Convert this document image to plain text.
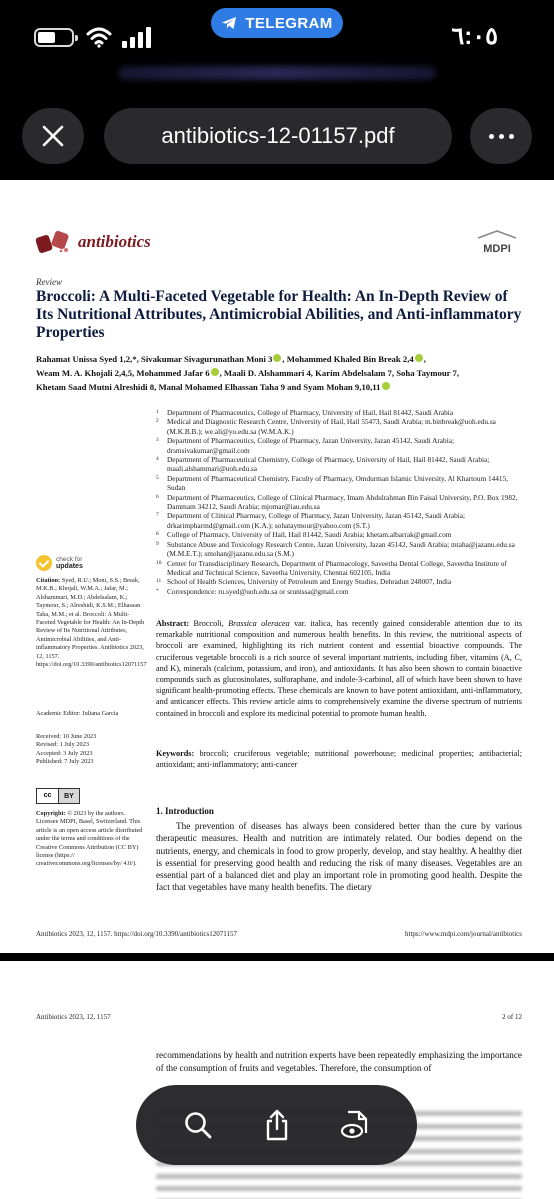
TELEGRAM	٦:٠٥
antibiotics-12-01157.pdf
antibiotics	MDPI
Review
Broccoli: A Multi-Faceted Vegetable for Health: An In-Depth Review of Its Nutritional Attributes, Antimicrobial Abilities, and Anti-inflammatory Properties
Rahamat Unissa Syed 1,2,*, Sivakumar Sivagurunathan Moni 3 , Mohammed Khaled Bin Break 2,4 ,
Weam M. A. Khojali 2,4,5, Mohammed Jafar 6 , Maali D. Alshammari 4, Karim Abdelsalam 7, Soha Taymour 7,
Khetam Saad Mutni Alreshidi 8, Manal Mohamed Elhassan Taha 9 and Syam Mohan 9,10,11
1	Department of Pharmaceutics, College of Pharmacy, University of Hail, Hail 81442, Saudi Arabia
2	Medical and Diagnostic Research Centre, University of Hail, Hail 55473, Saudi Arabia; m.binbreak@uoh.edu.sa (M.K.B.B.); we.ali@yo.edu.sa (W.M.A.K.)
3	Department of Pharmaceutics, College of Pharmacy, Jazan University, Jazan 45142, Saudi Arabia; drsmsivakumar@gmail.com
4	Department of Pharmaceutical Chemistry, College of Pharmacy, University of Hail, Hail 81442, Saudi Arabia; maali.alshammari@uoh.edu.sa
5	Department of Pharmaceutical Chemistry, Faculty of Pharmacy, Omdurman Islamic University, Al Khartoum 14415, Sudan
6	Department of Pharmaceutics, College of Clinical Pharmacy, Imam Abdulrahman Bin Faisal University, P.O. Box 1982, Dammam 34212, Saudi Arabia; mjomar@iau.edu.sa
7	Department of Clinical Pharmacy, College of Pharmacy, Jazan University, Jazan 45142, Saudi Arabia; drkarimpharmd@gmail.com (K.A.); sohataymour@yahoo.com (S.T.)
8	College of Pharmacy, University of Hail, Hail 81442, Saudi Arabia; khetam.albarrak@gmail.com
9	Substance Abuse and Toxicology Research Centre, Jazan University, Jazan 45142, Saudi Arabia; mtaha@jazanu.edu.sa (M.M.E.T.); smohan@jazanu.edu.sa (S.M.)
10 Center for Transdisciplinary Research, Department of Pharmacology, Saveetha Dental College, Saveetha Institute of Medical and Technical Science, Saveetha University, Chennai 602105, India
11 School of Health Sciences, University of Petroleum and Energy Studies, Dehradun 248007, India
*	Correspondence: ru.syed@uoh.edu.sa or srunissa@gmail.com
check for
updates
Citation: Syed, R.U.; Moni, S.S.; Break, M.K.B.; Khojali, W.M.A.; Jafar, M.; Alshammari, M.D.; Abdelsalam, K.; Taymour, S.; Alreshidi, K.S.M.; Elhassan Taha, M.M.; et al. Broccoli: A Multi-Faceted Vegetable for Health: An In-Depth Review of Its Nutritional Attributes, Antimicrobial Abilities, and Anti-inflammatory Properties. Antibiotics 2023, 12, 1157. https://doi.org/10.3390/antibiotics12071157
Academic Editor: Juliana Garcia
Received: 10 June 2023
Revised: 1 July 2023
Accepted: 3 July 2023
Published: 7 July 2023
cc	BY
Copyright: © 2023 by the authors. Licensee MDPI, Basel, Switzerland. This article is an open access article distributed under the terms and conditions of the Creative Commons Attribution (CC BY) license (https:// creativecommons.org/licenses/by/ 4.0/).
Abstract: Broccoli, Brassica oleracea var. italica, has recently gained considerable attention due to its remarkable nutritional composition and numerous health benefits. In this review, the nutritional aspects of broccoli are examined, highlighting its rich nutrient content and essential bioactive compounds. The cruciferous vegetable broccoli is a rich source of several important nutrients, including fiber, vitamins (A, C, and K), minerals (calcium, potassium, and iron), and antioxidants. It has also been shown to contain bioactive compounds such as glucosinolates, sulforaphane, and indole-3-carbinol, all of which have been shown to have significant health-promoting effects. These chemicals are known to have potent antioxidant, anti-inflammatory, and anticancer effects. This review article aims to comprehensively examine the diverse spectrum of nutrients contained in broccoli and explore its medicinal potential to promote human health.
Keywords: broccoli; cruciferous vegetable; nutritional powerhouse; medicinal properties; antibacterial; antioxidant; anti-inflammatory; anti-cancer
1. Introduction
The prevention of diseases has always been considered better than the cure by various therapeutic measures. Health and nutrition are intimately related. Our bodies depend on the nutrients, energy, and chemicals in food to grow properly, develop, and stay healthy. A healthy diet is essential for preserving good health and reducing the risk of many diseases. Vegetables are an essential part of a balanced diet and play an important role in promoting good health. Despite the fact that vegetables have many health benefits. The dietary
Antibiotics 2023, 12, 1157. https://doi.org/10.3390/antibiotics12071157	https://www.mdpi.com/journal/antibiotics
Antibiotics 2023, 12, 1157	2 of 12
recommendations by health and nutrition experts have been repeatedly emphasizing the importance of the consumption of fruits and vegetables. Therefore, the consumption of
